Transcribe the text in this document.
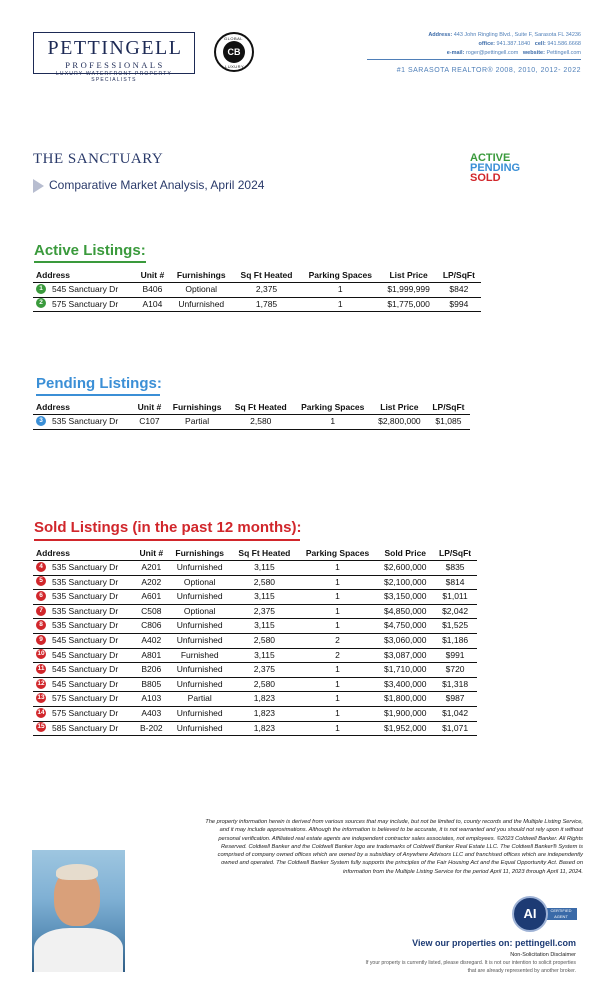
PETTINGELL
PROFESSIONALS
LUXURY WATERFRONT PROPERTY SPECIALISTS
GLOBAL
CB
LUXURY
Address: 443 John Ringling Blvd., Suite F, Sarasota FL 34236
office: 941.387.1840 cell: 941.586.6668
e-mail: roger@pettingell.com website: Pettingell.com
#1 SARASOTA REALTOR® 2008, 2010, 2012- 2022
THE SANCTUARY
Comparative Market Analysis, April 2024
ACTIVE
PENDING
SOLD
Active Listings:
Address	Unit #	Furnishings	Sq Ft Heated	Parking Spaces	List Price	LP/SqFt
1 545 Sanctuary Dr	B406	Optional	2,375	1	$1,999,999	$842
2 575 Sanctuary Dr	A104	Unfurnished	1,785	1	$1,775,000	$994
Pending Listings:
Address	Unit #	Furnishings	Sq Ft Heated	Parking Spaces	List Price	LP/SqFt
3 535 Sanctuary Dr	C107	Partial	2,580	1	$2,800,000	$1,085
Sold Listings (in the past 12 months):
Address	Unit #	Furnishings	Sq Ft Heated	Parking Spaces	Sold Price	LP/SqFt
4 535 Sanctuary Dr	A201	Unfurnished	3,115	1	$2,600,000	$835
5 535 Sanctuary Dr	A202	Optional	2,580	1	$2,100,000	$814
6 535 Sanctuary Dr	A601	Unfurnished	3,115	1	$3,150,000	$1,011
7 535 Sanctuary Dr	C508	Optional	2,375	1	$4,850,000	$2,042
8 535 Sanctuary Dr	C806	Unfurnished	3,115	1	$4,750,000	$1,525
9 545 Sanctuary Dr	A402	Unfurnished	2,580	2	$3,060,000	$1,186
10 545 Sanctuary Dr	A801	Furnished	3,115	2	$3,087,000	$991
11 545 Sanctuary Dr	B206	Unfurnished	2,375	1	$1,710,000	$720
12 545 Sanctuary Dr	B805	Unfurnished	2,580	1	$3,400,000	$1,318
13 575 Sanctuary Dr	A103	Partial	1,823	1	$1,800,000	$987
14 575 Sanctuary Dr	A403	Unfurnished	1,823	1	$1,900,000	$1,042
15 585 Sanctuary Dr	B-202	Unfurnished	1,823	1	$1,952,000	$1,071
The property information herein is derived from various sources that may include, but not be limited to, county records and the Multiple Listing Service, and it may include approximations. Although the information is believed to be accurate, it is not warranted and you should not rely upon it without personal verification. Affiliated real estate agents are independent contractor sales associates, not employees. ©2023 Coldwell Banker. All Rights Reserved. Coldwell Banker and the Coldwell Banker logo are trademarks of Coldwell Banker Real Estate LLC. The Coldwell Banker® System is comprised of company owned offices which are owned by a subsidiary of Anywhere Advisors LLC and franchised offices which are independently owned and operated. The Coldwell Banker System fully supports the principles of the Fair Housing Act and the Equal Opportunity Act. Based on information from the Multiple Listing Service for the period April 11, 2023 through April 11, 2024.
CERTIFIED AGENT
AI
View our properties on: pettingell.com
Non-Solicitation Disclaimer
If your property is currently listed, please disregard. It is not our intention to solicit properties that are already represented by another broker.
